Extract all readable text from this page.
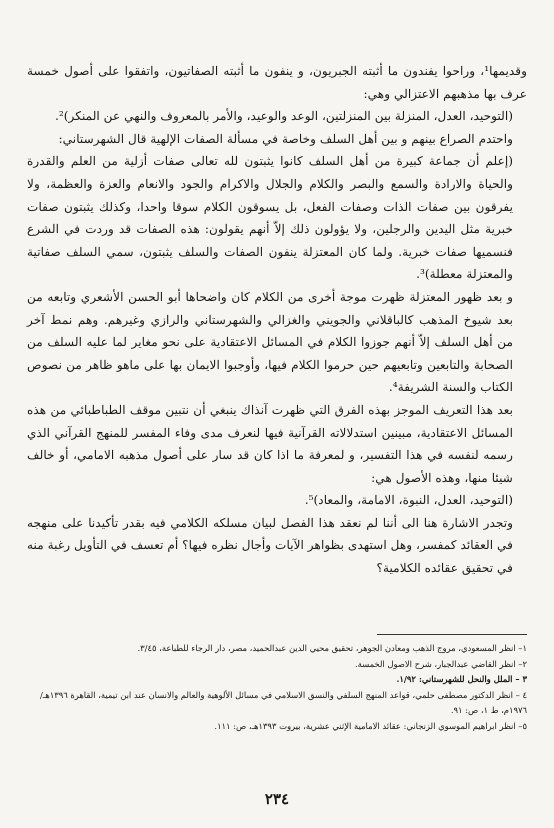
وقديمها¹، وراحوا يفندون ما أثبته الجبريون، و ينفون ما أثبته الصفاتيون، واتفقوا على أصول خمسة عرف بها مذهبهم الاعتزالي وهي:

(التوحيد، العدل، المنزلة بين المنزلتين، الوعد والوعيد، والأمر بالمعروف والنهي عن المنكر)².

واحتدم الصراع بينهم و بين أهل السلف وخاصة في مسألة الصفات الإلهية قال الشهرستاني:

(إعلم أن جماعة كبيرة من أهل السلف كانوا يثبتون لله تعالى صفات أزلية من العلم والقدرة والحياة والارادة والسمع والبصر والكلام والجلال والاكرام والجود والانعام والعزة والعظمة، ولا يفرقون بين صفات الذات وصفات الفعل، بل يسوقون الكلام سوقا واحدا، وكذلك يثبتون صفات خبرية مثل اليدين والرجلين، ولا يؤولون ذلك إلاّ أنهم يقولون: هذه الصفات قد وردت في الشرع فنسميها صفات خبرية. ولما كان المعتزلة ينفون الصفات والسلف يثبتون، سمي السلف صفاتية والمعتزلة معطلة)³.

و بعد ظهور المعتزلة ظهرت موجة أخرى من الكلام كان واضحاها أبو الحسن الأشعري وتابعه من بعد شيوخ المذهب كالباقلاني والجويني والغزالي والشهرستاني والرازي وغيرهم. وهم نمط آخر من أهل السلف إلاّ أنهم جوزوا الكلام في المسائل الاعتقادية على نحو مغاير لما عليه السلف من الصحابة والتابعين وتابعيهم حين حرموا الكلام فيها، وأوجبوا الايمان بها على ماهو ظاهر من نصوص الكتاب والسنة الشريفة⁴.

بعد هذا التعريف الموجز بهذه الفرق التي ظهرت آنذاك ينبغي أن نتبين موقف الطباطبائي من هذه المسائل الاعتقادية، مبينين استدلالاته القرآنية فيها لنعرف مدى وفاء المفسر للمنهج القرآني الذي رسمه لنفسه في هذا التفسير، و لمعرفة ما اذا كان قد سار على أصول مذهبه الامامي، أو خالف شيئا منها، وهذه الأصول هي:

(التوحيد، العدل، النبوة، الامامة، والمعاد)⁵.

وتجدر الاشارة هنا الى أننا لم نعقد هذا الفصل لبيان مسلكه الكلامي فيه بقدر تأكيدنا على منهجه في العقائد كمفسر، وهل استهدى بظواهر الآيات وأجال نظره فيها؟ أم تعسف في التأويل رغبة منه في تحقيق عقائده الكلامية؟

١– انظر المسعودي، مروج الذهب ومعادن الجوهر، تحقيق محيي الدين عبدالحميد، مصر، دار الرجاء للطباعة، ٣/٤٥.

٢– انظر القاضي عبدالجبار، شرح الاصول الخمسة.

٣ – الملل والنحل للشهرستاني: ١/٩٢.

٤ – انظر الدكتور مصطفى حلمي، قواعد المنهج السلفي والنسق الاسلامي في مسائل الألوهية والعالم والانسان عند ابن تيمية، القاهرة ١٣٩٦هـ/١٩٧٦م، ط ١، ص: ٩١.

٥– انظر ابراهيم الموسوي الزنجاني: عقائد الامامية الإثني عشرية، بيروت ١٣٩٣هـ، ص: ١١١.

٢٣٤
